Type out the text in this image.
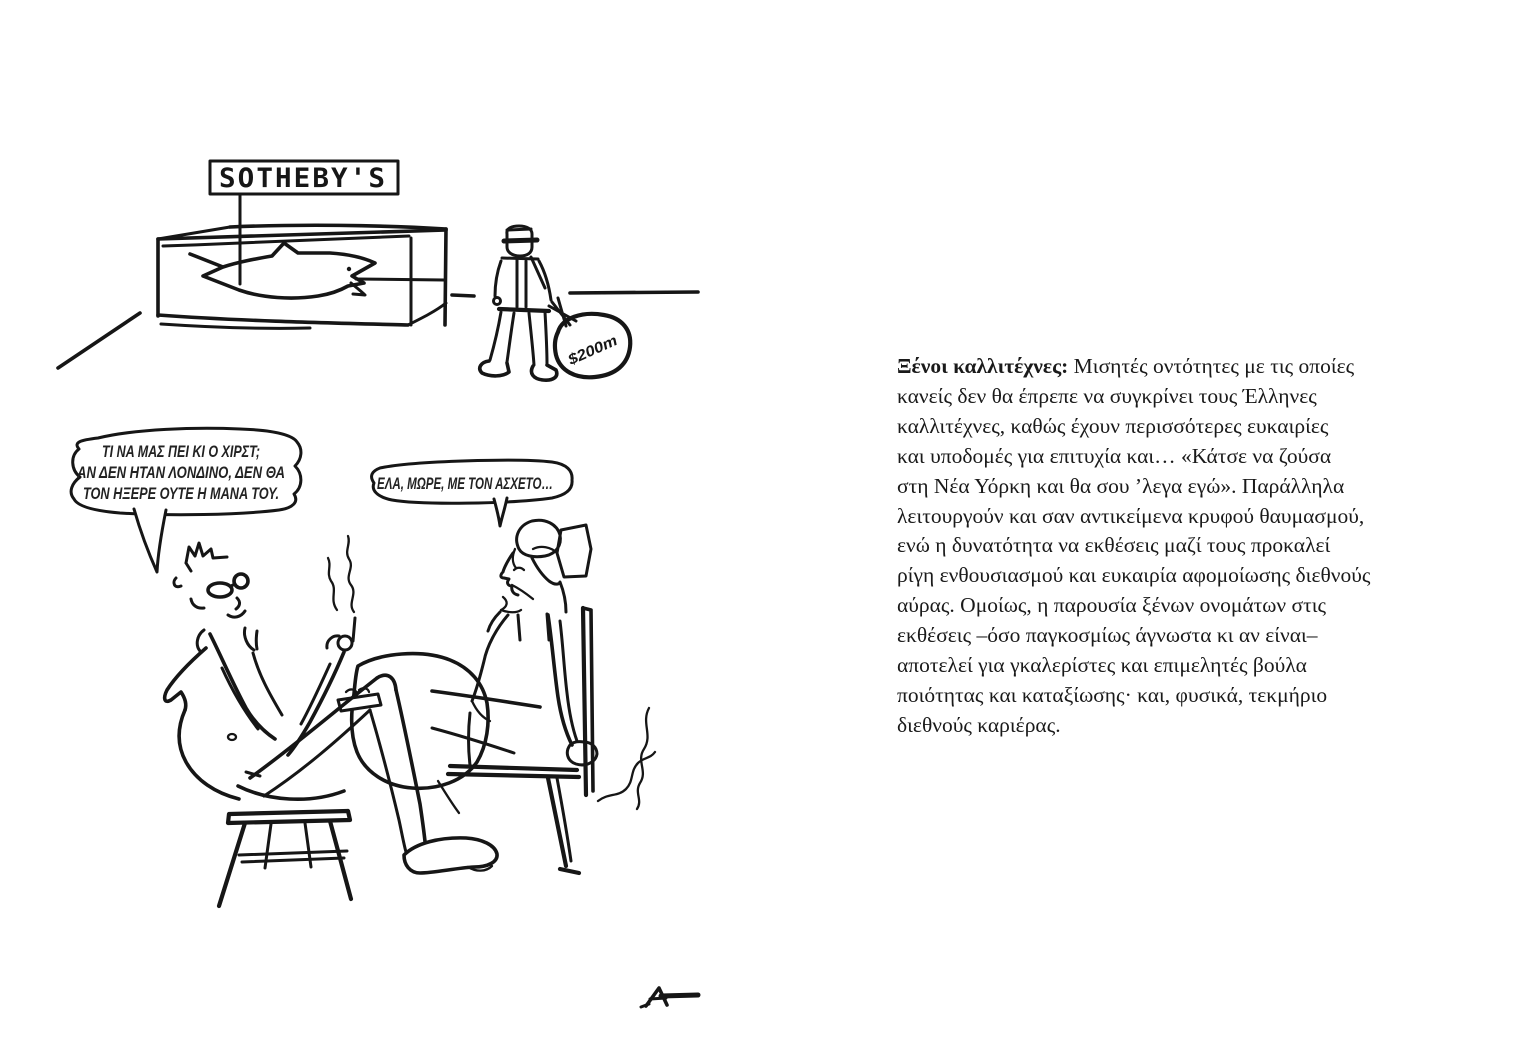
SOTHEBY'S
$200m
ΤΙ ΝΑ ΜΑΣ ΠΕΙ ΚΙ Ο ΧΙΡΣΤ;
ΑΝ ΔΕΝ ΗΤΑΝ ΛΟΝΔΙΝΟ, ΔΕΝ ΘΑ
ΤΟΝ ΗΞΕΡΕ ΟΥΤΕ Η ΜΑΝΑ ΤΟΥ.
ΕΛΑ, ΜΩΡΕ, ΜΕ ΤΟΝ ΑΣΧΕΤΟ…
Ξένοι καλλιτέχνες: Μισητές οντότητες με τις οποίες
κανείς δεν θα έπρεπε να συγκρίνει τους Έλληνες
καλλιτέχνες, καθώς έχουν περισσότερες ευκαιρίες
και υποδομές για επιτυχία και… «Κάτσε να ζούσα
στη Νέα Υόρκη και θα σου ’λεγα εγώ». Παράλληλα
λειτουργούν και σαν αντικείμενα κρυφού θαυμασμού,
ενώ η δυνατότητα να εκθέσεις μαζί τους προκαλεί
ρίγη ενθουσιασμού και ευκαιρία αφομοίωσης διεθνούς
αύρας. Ομοίως, η παρουσία ξένων ονομάτων στις
εκθέσεις –όσο παγκοσμίως άγνωστα κι αν είναι–
αποτελεί για γκαλερίστες και επιμελητές βούλα
ποιότητας και καταξίωσης· και, φυσικά, τεκμήριο
διεθνούς καριέρας.
